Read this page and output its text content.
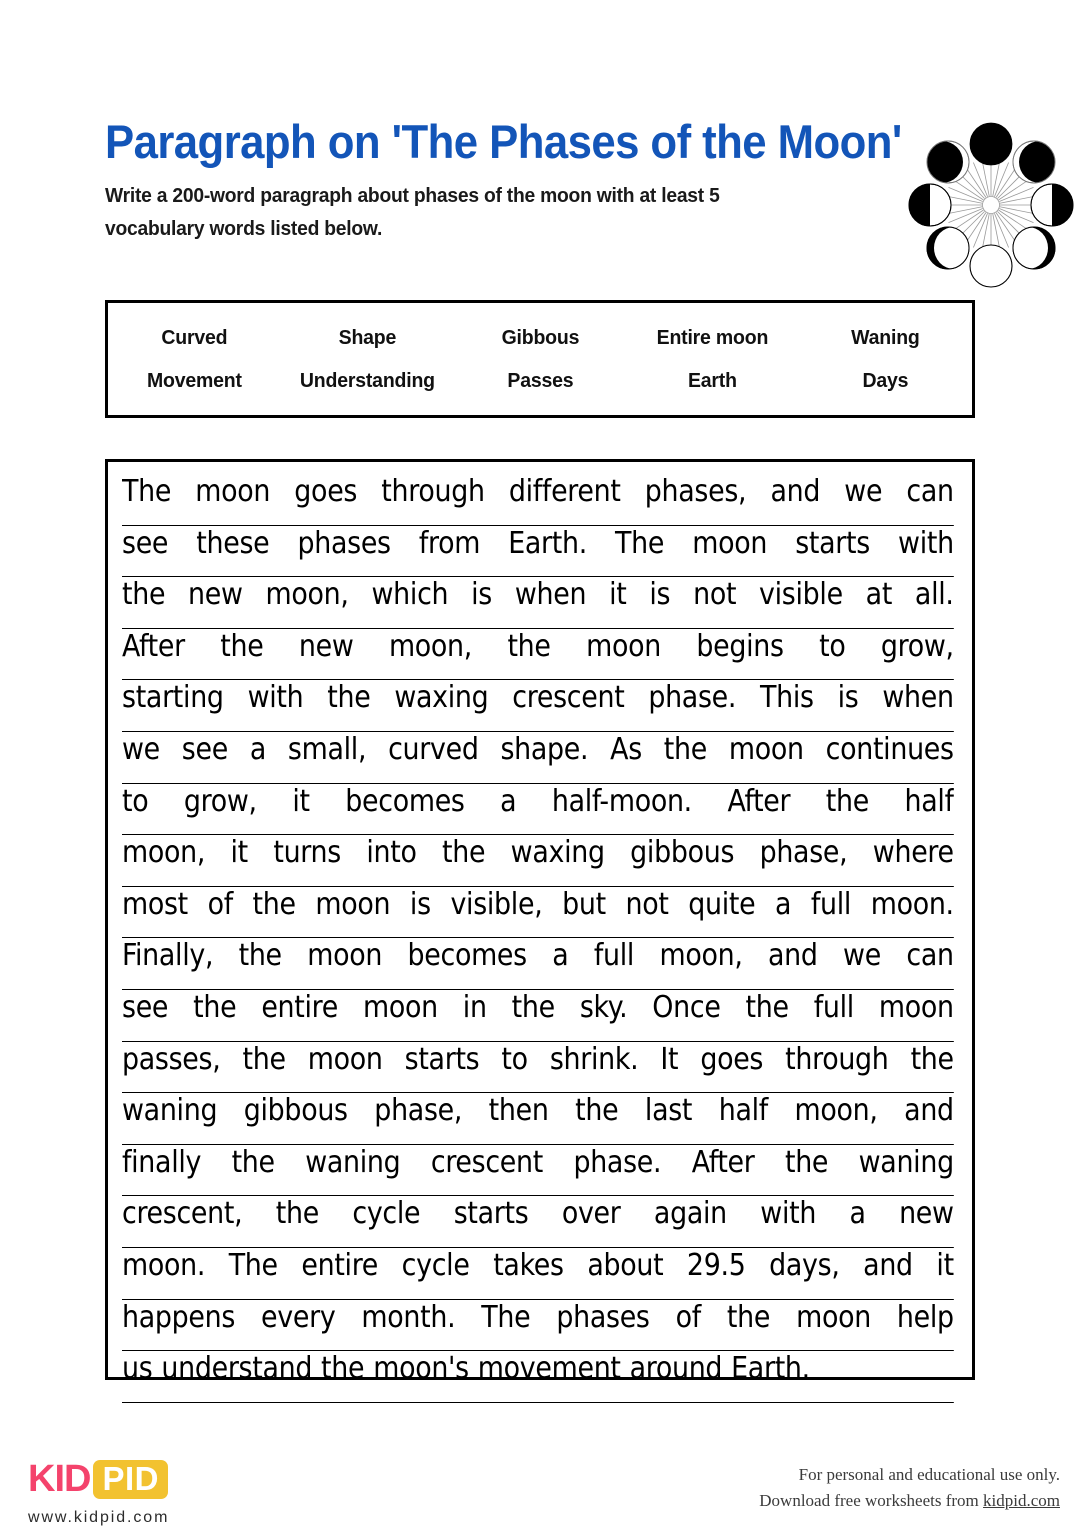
Paragraph on 'The Phases of the Moon'
Write a 200-word paragraph about phases of the moon with at least 5 vocabulary words listed below.
Curved	Shape	Gibbous	Entire moon	Waning
Movement	Understanding	Passes	Earth	Days
The moon goes through different phases, and we can
see these phases from Earth. The moon starts with
the new moon, which is when it is not visible at all.
After the new moon, the moon begins to grow,
starting with the waxing crescent phase. This is when
we see a small, curved shape. As the moon continues
to grow, it becomes a half-moon. After the half
moon, it turns into the waxing gibbous phase, where
most of the moon is visible, but not quite a full moon.
Finally, the moon becomes a full moon, and we can
see the entire moon in the sky. Once the full moon
passes, the moon starts to shrink. It goes through the
waning gibbous phase, then the last half moon, and
finally the waning crescent phase. After the waning
crescent, the cycle starts over again with a new
moon. The entire cycle takes about 29.5 days, and it
happens every month. The phases of the moon help
us understand the moon's movement around Earth.
KID PID
www.kidpid.com
For personal and educational use only.
Download free worksheets from kidpid.com
